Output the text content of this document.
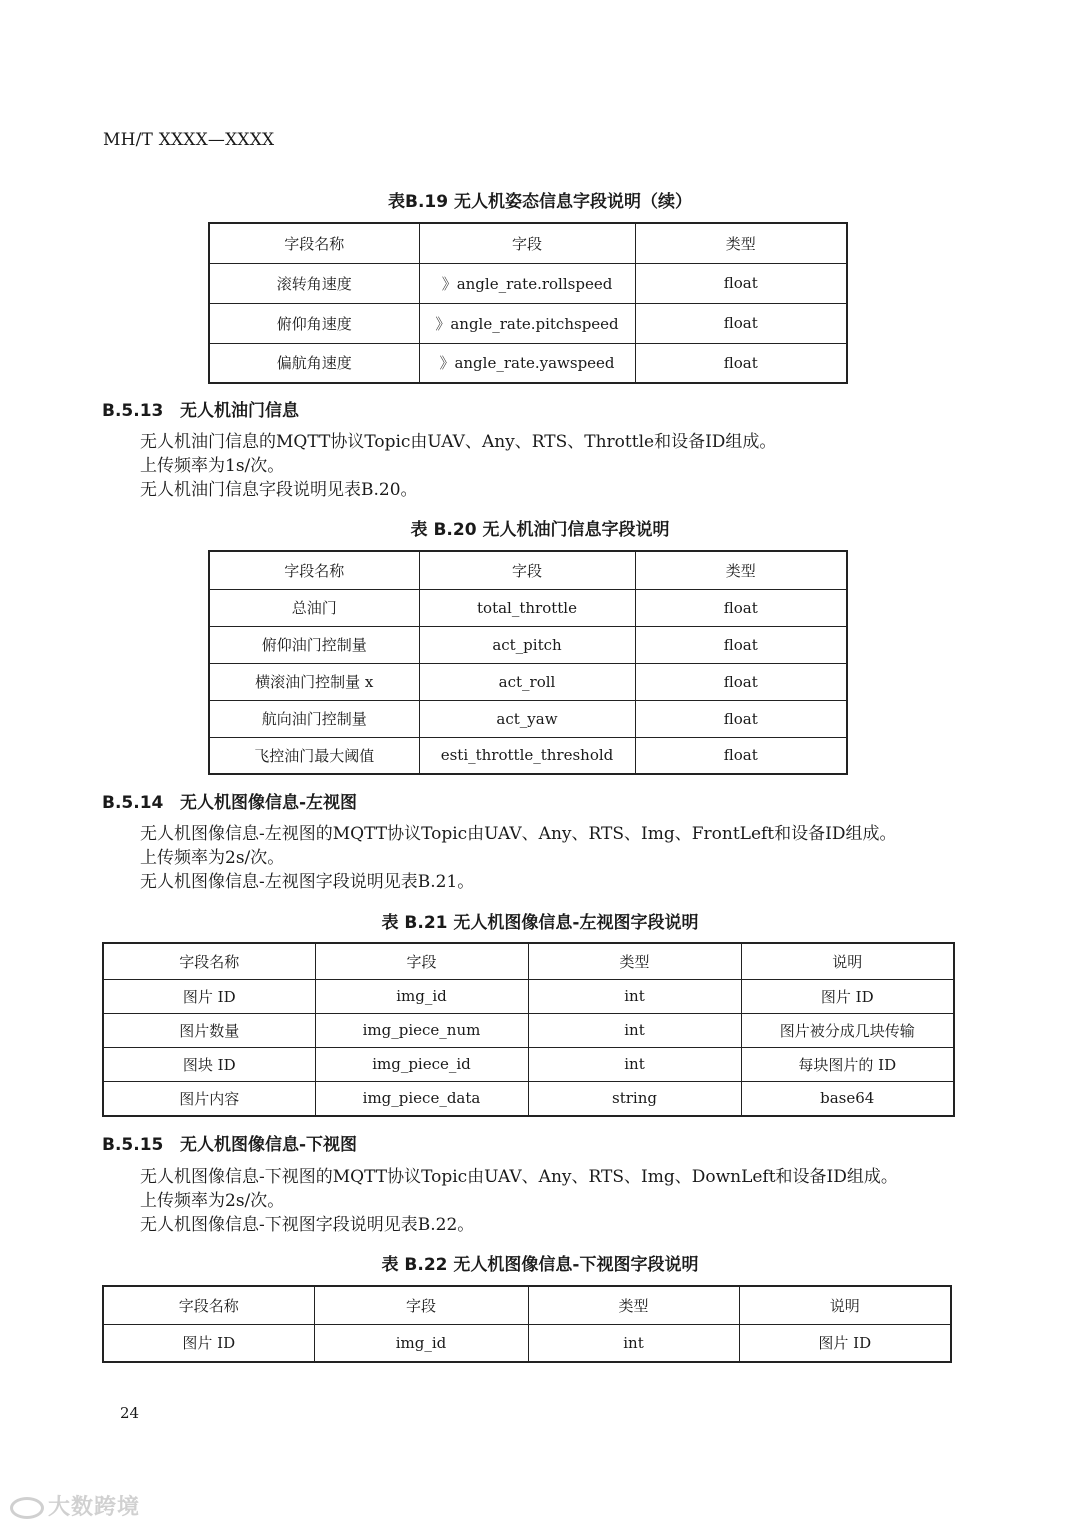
MH/T XXXX—XXXX
表B.19 无人机姿态信息字段说明（续）
字段名称	字段	类型
滚转角速度	》angle_rate.rollspeed	float
俯仰角速度	》angle_rate.pitchspeed	float
偏航角速度	》angle_rate.yawspeed	float
B.5.13 无人机油门信息
无人机油门信息的MQTT协议Topic由UAV、Any、RTS、Throttle和设备ID组成。
上传频率为1s/次。
无人机油门信息字段说明见表B.20。
表 B.20 无人机油门信息字段说明
字段名称	字段	类型
总油门	total_throttle	float
俯仰油门控制量	act_pitch	float
横滚油门控制量 x	act_roll	float
航向油门控制量	act_yaw	float
飞控油门最大阈值	esti_throttle_threshold	float
B.5.14 无人机图像信息-左视图
无人机图像信息-左视图的MQTT协议Topic由UAV、Any、RTS、Img、FrontLeft和设备ID组成。
上传频率为2s/次。
无人机图像信息-左视图字段说明见表B.21。
表 B.21 无人机图像信息-左视图字段说明
字段名称	字段	类型	说明
图片 ID	img_id	int	图片 ID
图片数量	img_piece_num	int	图片被分成几块传输
图块 ID	img_piece_id	int	每块图片的 ID
图片内容	img_piece_data	string	base64
B.5.15 无人机图像信息-下视图
无人机图像信息-下视图的MQTT协议Topic由UAV、Any、RTS、Img、DownLeft和设备ID组成。
上传频率为2s/次。
无人机图像信息-下视图字段说明见表B.22。
表 B.22 无人机图像信息-下视图字段说明
字段名称	字段	类型	说明
图片 ID	img_id	int	图片 ID
24
大数跨境
